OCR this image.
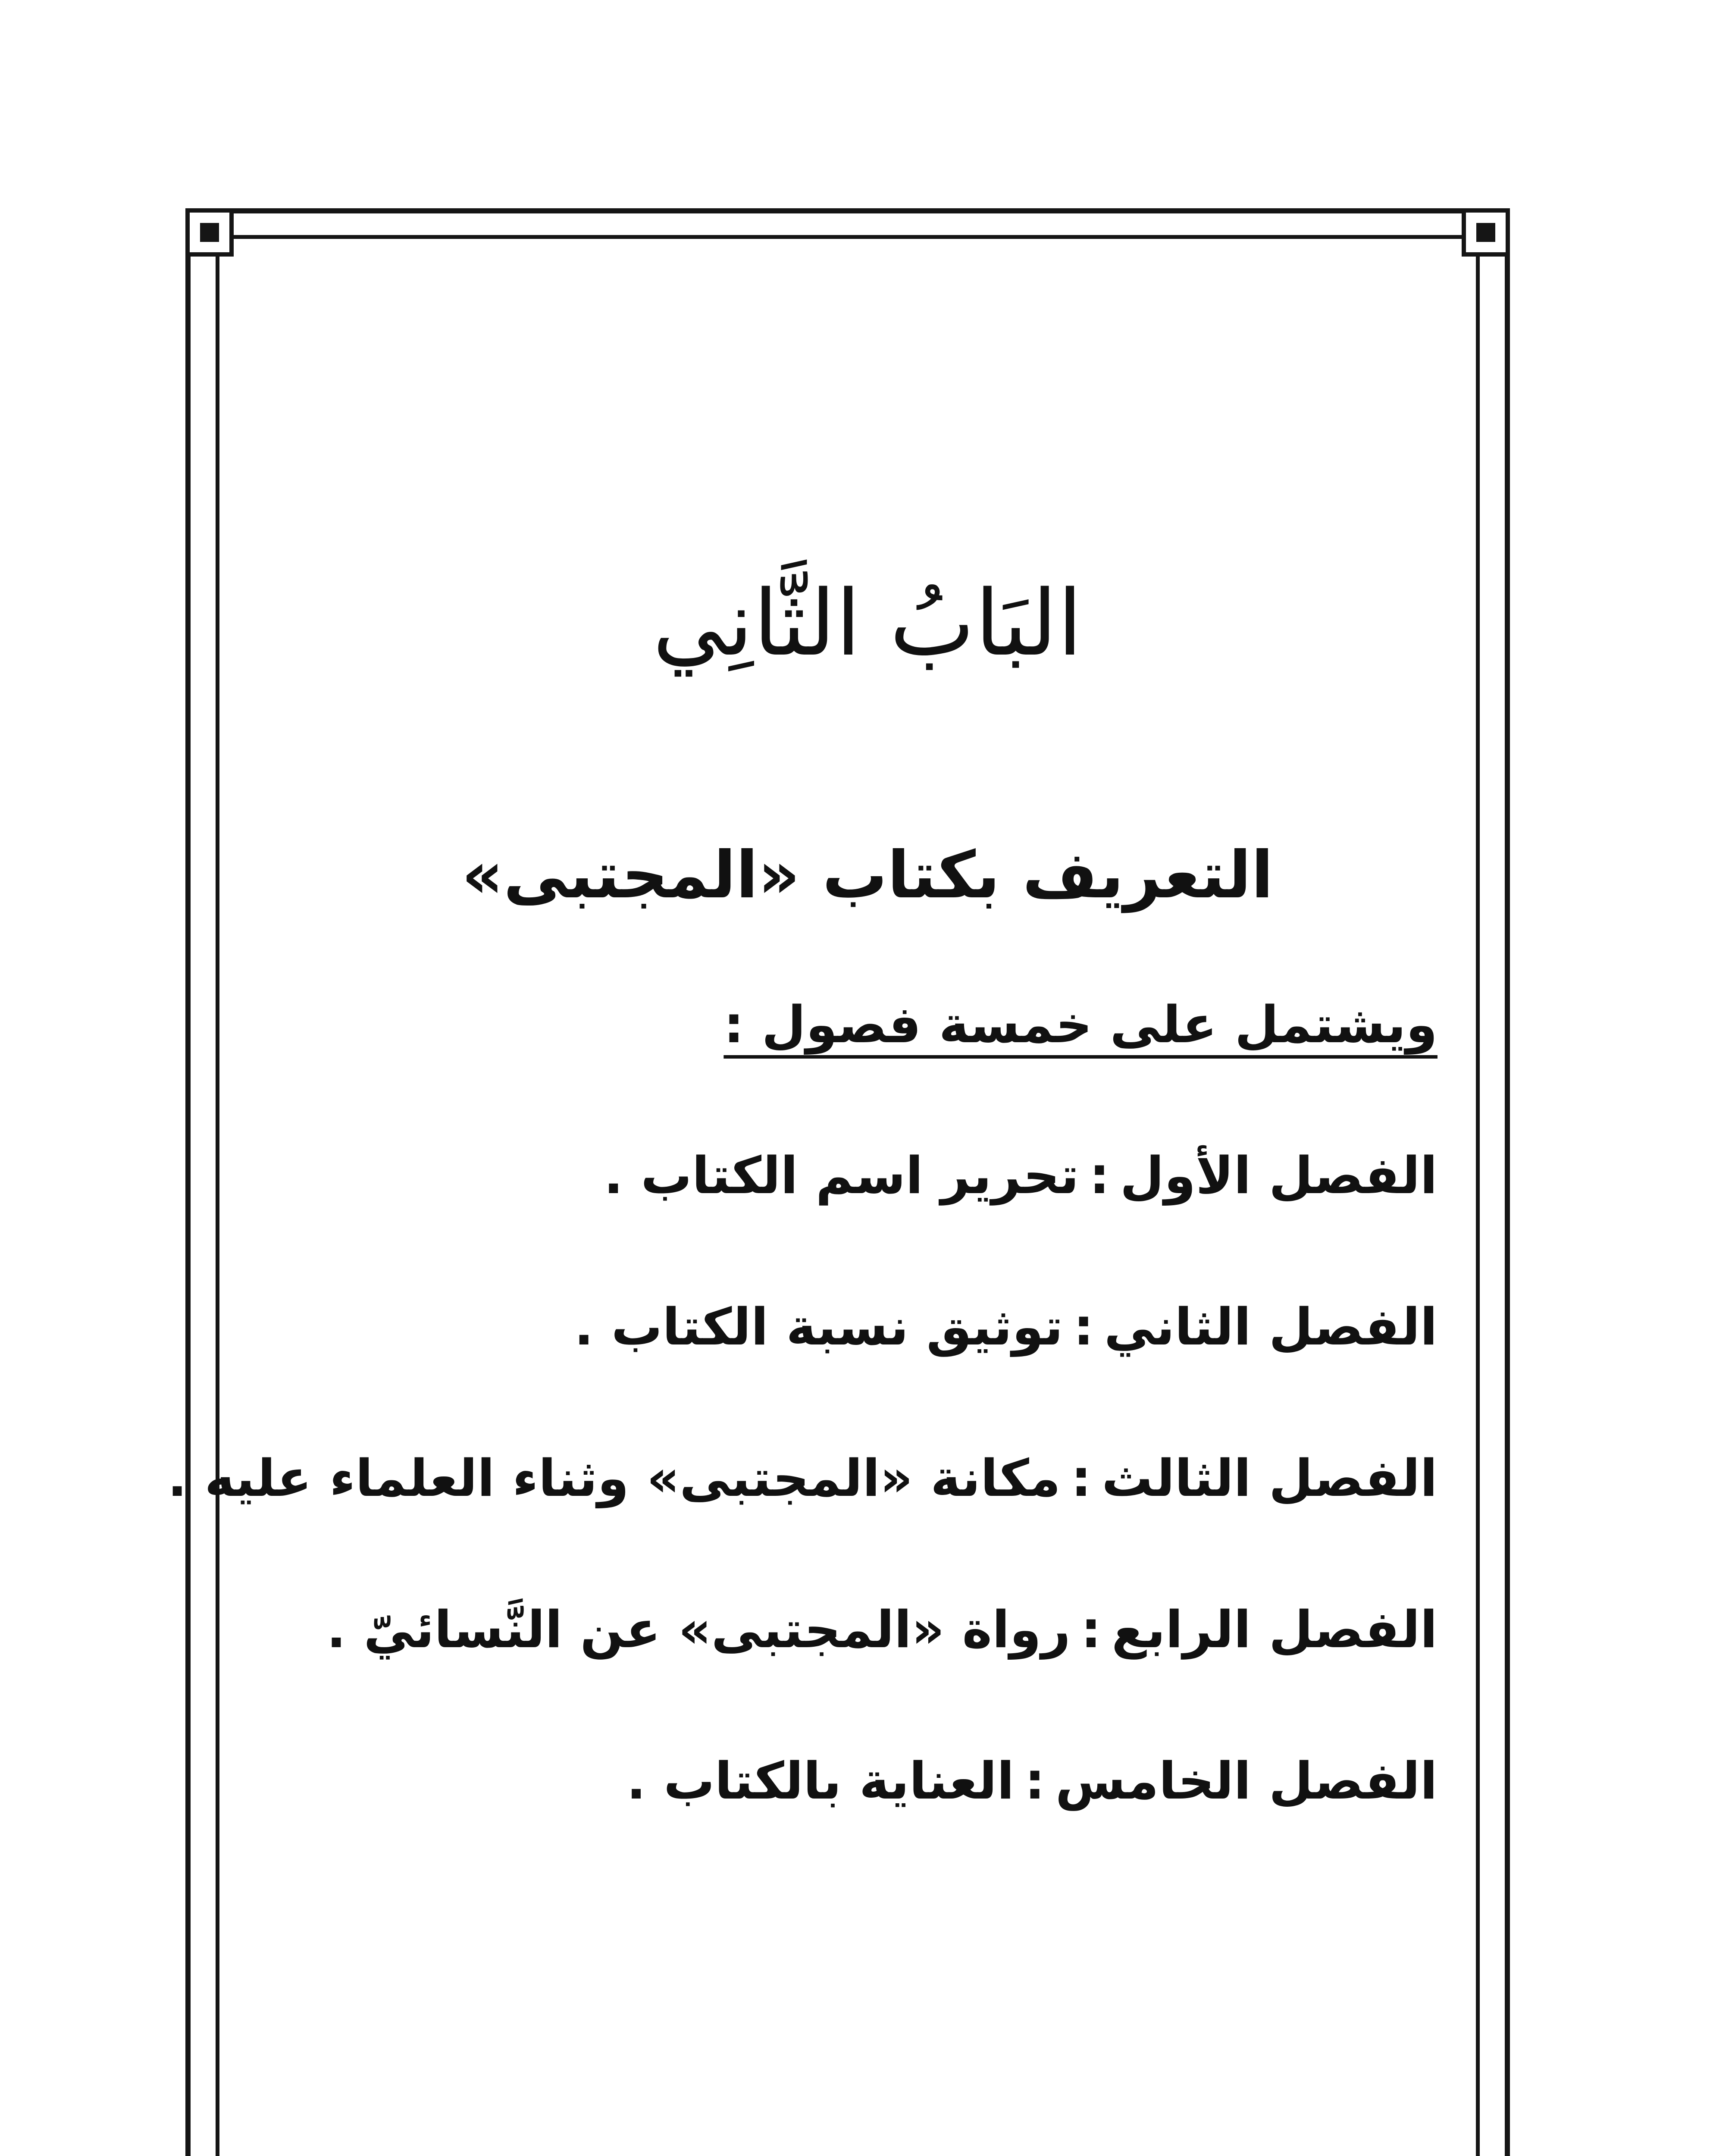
البَابُ الثَّانِي
التعريف بكتاب «المجتبى»
ويشتمل على خمسة فصول :
الفصل الأول:تحرير اسم الكتاب .
الفصل الثاني:توثيق نسبة الكتاب .
الفصل الثالث:مكانة «المجتبى» وثناء العلماء عليه .
الفصل الرابع:رواة «المجتبى» عن النَّسائيّ .
الفصل الخامس:العناية بالكتاب .
